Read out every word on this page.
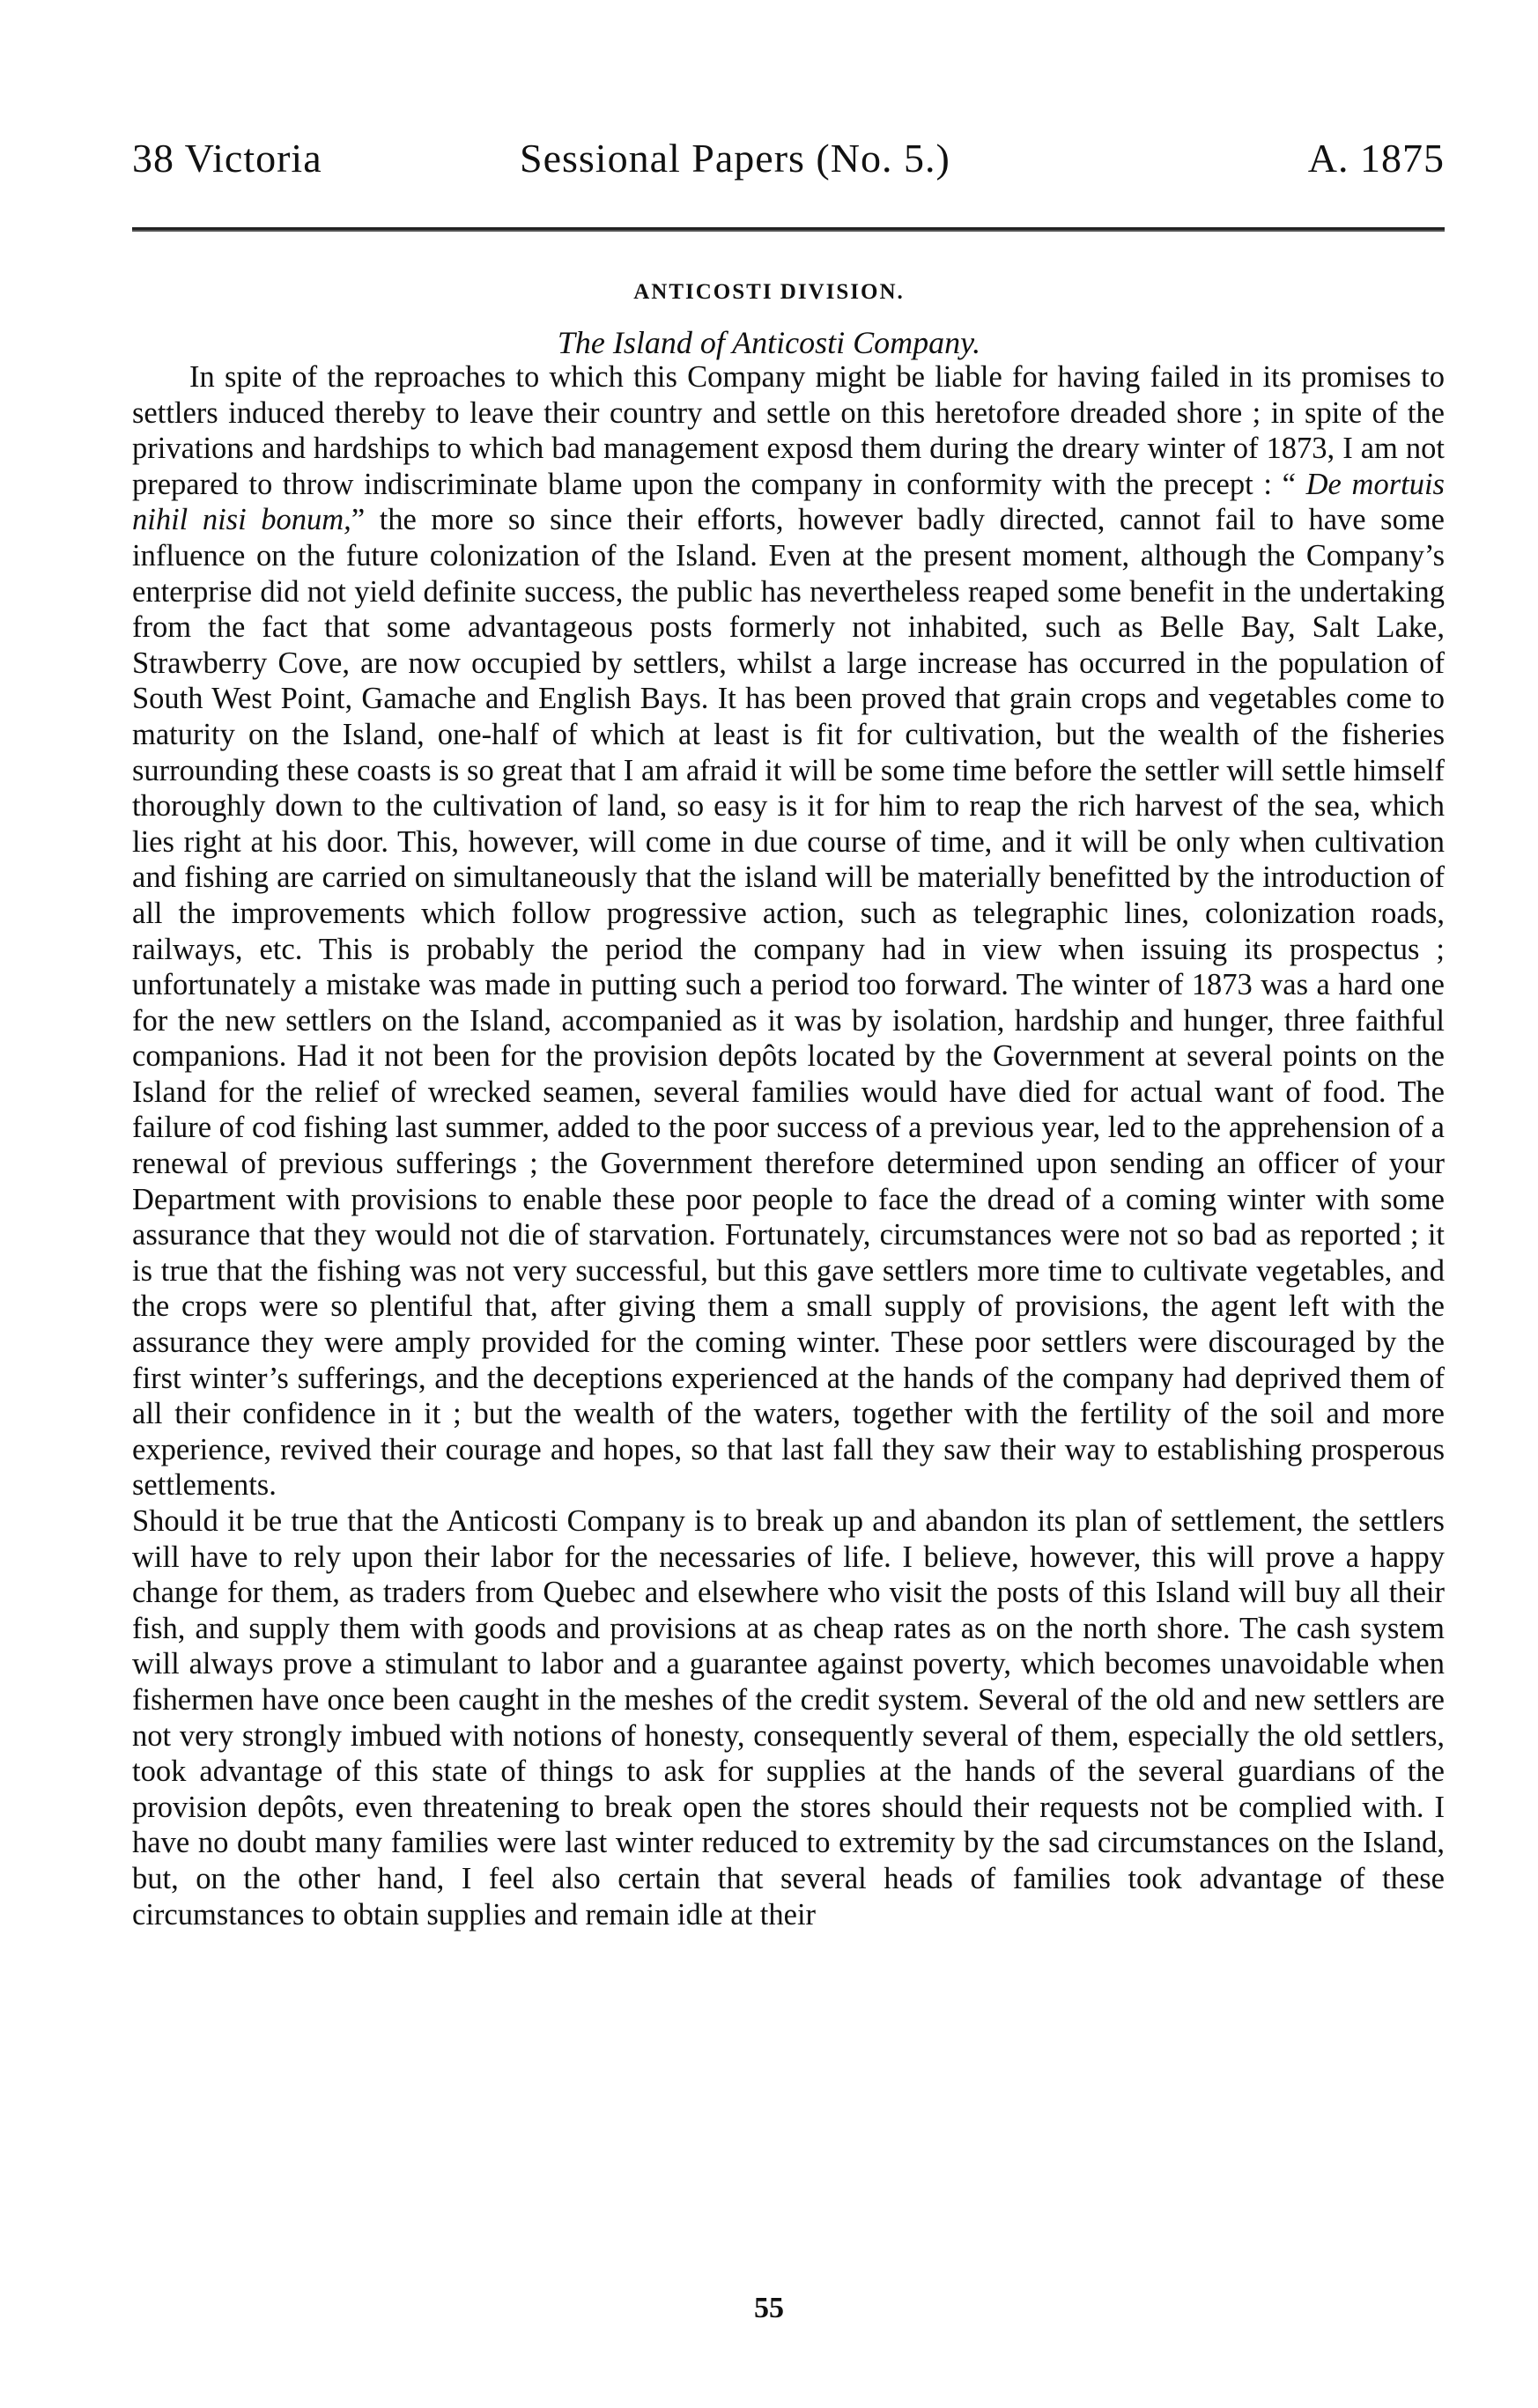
38 Victoria	Sessional Papers (No. 5.)	A. 1875
ANTICOSTI DIVISION.
The Island of Anticosti Company.

In spite of the reproaches to which this Company might be liable for having failed in its promises to settlers induced thereby to leave their country and settle on this heretofore dreaded shore ; in spite of the privations and hardships to which bad management exposd them during the dreary winter of 1873, I am not prepared to throw indiscriminate blame upon the company in conformity with the precept : “ De mortuis nihil nisi bonum,” the more so since their efforts, however badly directed, cannot fail to have some influence on the future colonization of the Island. Even at the present moment, although the Company’s enterprise did not yield definite success, the public has nevertheless reaped some benefit in the undertaking from the fact that some advantageous posts formerly not inhabited, such as Belle Bay, Salt Lake, Strawberry Cove, are now occupied by settlers, whilst a large increase has occurred in the population of South West Point, Gamache and English Bays. It has been proved that grain crops and vegetables come to maturity on the Island, one-half of which at least is fit for cultivation, but the wealth of the fisheries surrounding these coasts is so great that I am afraid it will be some time before the settler will settle himself thoroughly down to the cultivation of land, so easy is it for him to reap the rich harvest of the sea, which lies right at his door. This, however, will come in due course of time, and it will be only when cultivation and fishing are carried on simultaneously that the island will be materially benefitted by the introduction of all the improvements which follow progressive action, such as telegraphic lines, colonization roads, railways, etc. This is probably the period the company had in view when issuing its prospectus ; unfortunately a mistake was made in putting such a period too forward. The winter of 1873 was a hard one for the new settlers on the Island, accompanied as it was by isolation, hardship and hunger, three faithful companions. Had it not been for the provision depôts located by the Government at several points on the Island for the relief of wrecked seamen, several families would have died for actual want of food. The failure of cod fishing last summer, added to the poor success of a previous year, led to the apprehension of a renewal of previous sufferings ; the Government therefore determined upon sending an officer of your Department with provisions to enable these poor people to face the dread of a coming winter with some assurance that they would not die of starvation. Fortunately, circumstances were not so bad as reported ; it is true that the fishing was not very successful, but this gave settlers more time to cultivate vegetables, and the crops were so plentiful that, after giving them a small supply of provisions, the agent left with the assurance they were amply provided for the coming winter. These poor settlers were discouraged by the first winter’s sufferings, and the deceptions experienced at the hands of the company had deprived them of all their confidence in it ; but the wealth of the waters, together with the fertility of the soil and more experience, revived their courage and hopes, so that last fall they saw their way to establishing prosperous settlements.

Should it be true that the Anticosti Company is to break up and abandon its plan of settlement, the settlers will have to rely upon their labor for the necessaries of life. I believe, however, this will prove a happy change for them, as traders from Quebec and elsewhere who visit the posts of this Island will buy all their fish, and supply them with goods and provisions at as cheap rates as on the north shore. The cash system will always prove a stimulant to labor and a guarantee against poverty, which becomes unavoidable when fishermen have once been caught in the meshes of the credit system. Several of the old and new settlers are not very strongly imbued with notions of honesty, consequently several of them, especially the old settlers, took advantage of this state of things to ask for supplies at the hands of the several guardians of the provision depôts, even threatening to break open the stores should their requests not be complied with. I have no doubt many families were last winter reduced to extremity by the sad circumstances on the Island, but, on the other hand, I feel also certain that several heads of families took advantage of these circumstances to obtain supplies and remain idle at their

55
